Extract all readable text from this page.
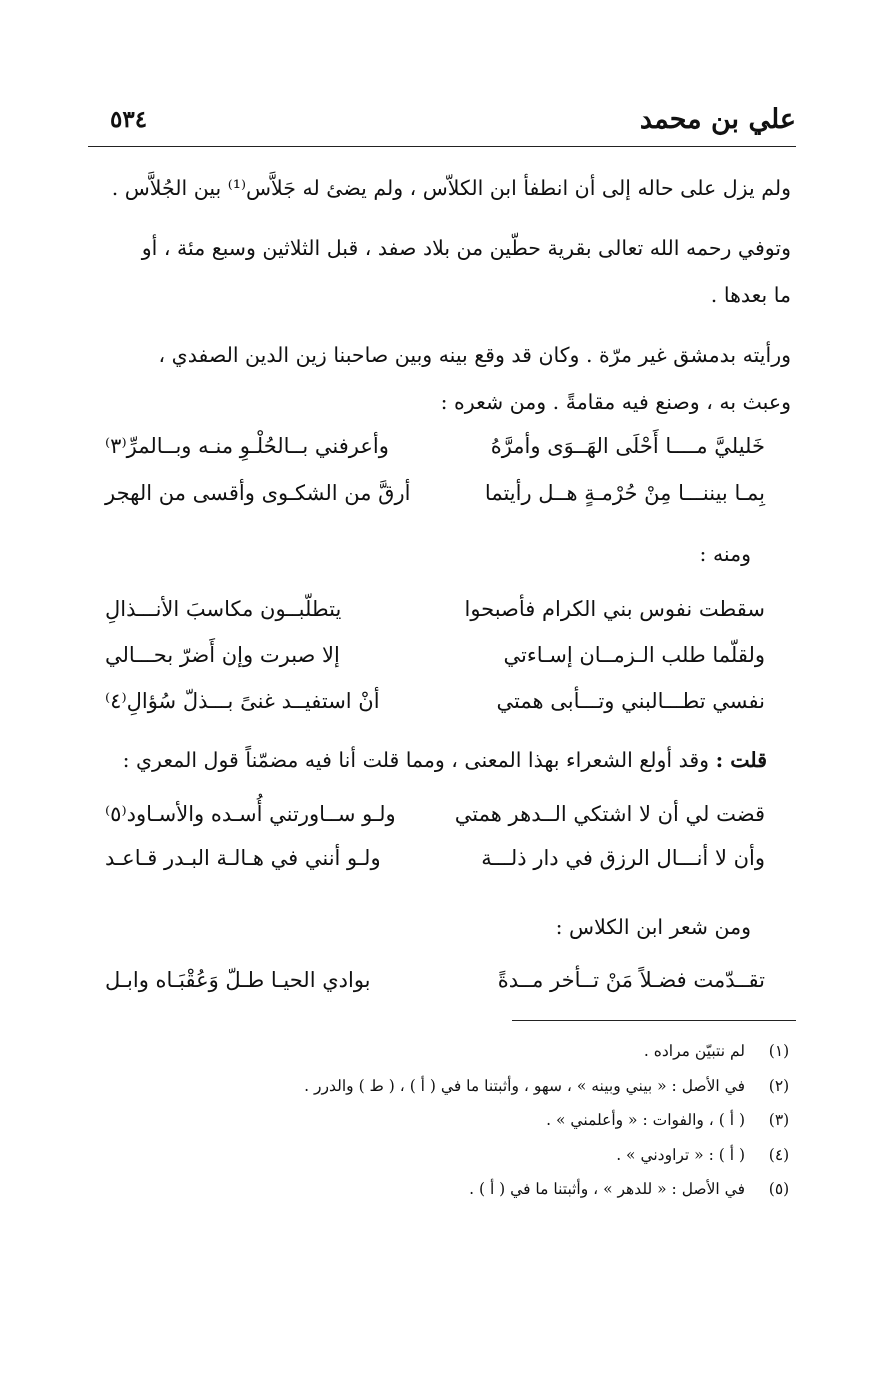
علي بن محمد
٥٣٤
ولم يزل على حاله إلى أن انطفأ ابن الكلاّس ، ولم يضئ له جَلاَّس⁽¹⁾ بين الجُلاَّس .
وتوفي رحمه الله تعالى بقرية حطّين من بلاد صفد ، قبل الثلاثين وسبع مئة ، أو
ما بعدها .
ورأيته بدمشق غير مرّة . وكان قد وقع بينه وبين صاحبنا زين الدين الصفدي ،
وعبث به ، وصنع فيه مقامةً . ومن شعره :
خَليليَّ مــــا أَحْلَى الهَــوَى وأمرَّهُ
وأعرفني بــالحُلْـوِ منـه وبــالمرِّ⁽٣⁾
بِمـا بيننـــا مِنْ حُرْمـةٍ هــل رأيتما
أرقَّ من الشكـوى وأقسى من الهجر
ومنه :
سقطت نفوس بني الكرام فأصبحوا
يتطلّبــون مكاسبَ الأنـــذالِ
ولقلّما طلب الـزمــان إسـاءتي
إلا صبرت وإن أَضرّ بحـــالي
نفسي تطـــالبني وتـــأبى همتي
أنْ استفيــد غنىً بـــذلّ سُؤالِ⁽٤⁾
قلت : وقد أولع الشعراء بهذا المعنى ، ومما قلت أنا فيه مضمّناً قول المعري :
قضت لي أن لا اشتكي الــدهر همتي
ولـو ســاورتني أُسـده والأسـاود⁽٥⁾
وأن لا أنـــال الرزق في دار ذلـــة
ولـو أنني في هـالـة البـدر قـاعـد
ومن شعر ابن الكلاس :
تقــدّمت فضـلاً مَنْ تــأخر مــدةً
بوادي الحيـا طـلّ وَعُقْبَـاه وابـل
(١)
لم نتبيّن مراده .
(٢)
في الأصل : « بيني وبينه » ، سهو ، وأثبتنا ما في ( أ ) ، ( ط ) والدرر .
(٣)
( أ ) ، والفوات : « وأعلمني » .
(٤)
( أ ) : « تراودني » .
(٥)
في الأصل : « للدهر » ، وأثبتنا ما في ( أ ) .
